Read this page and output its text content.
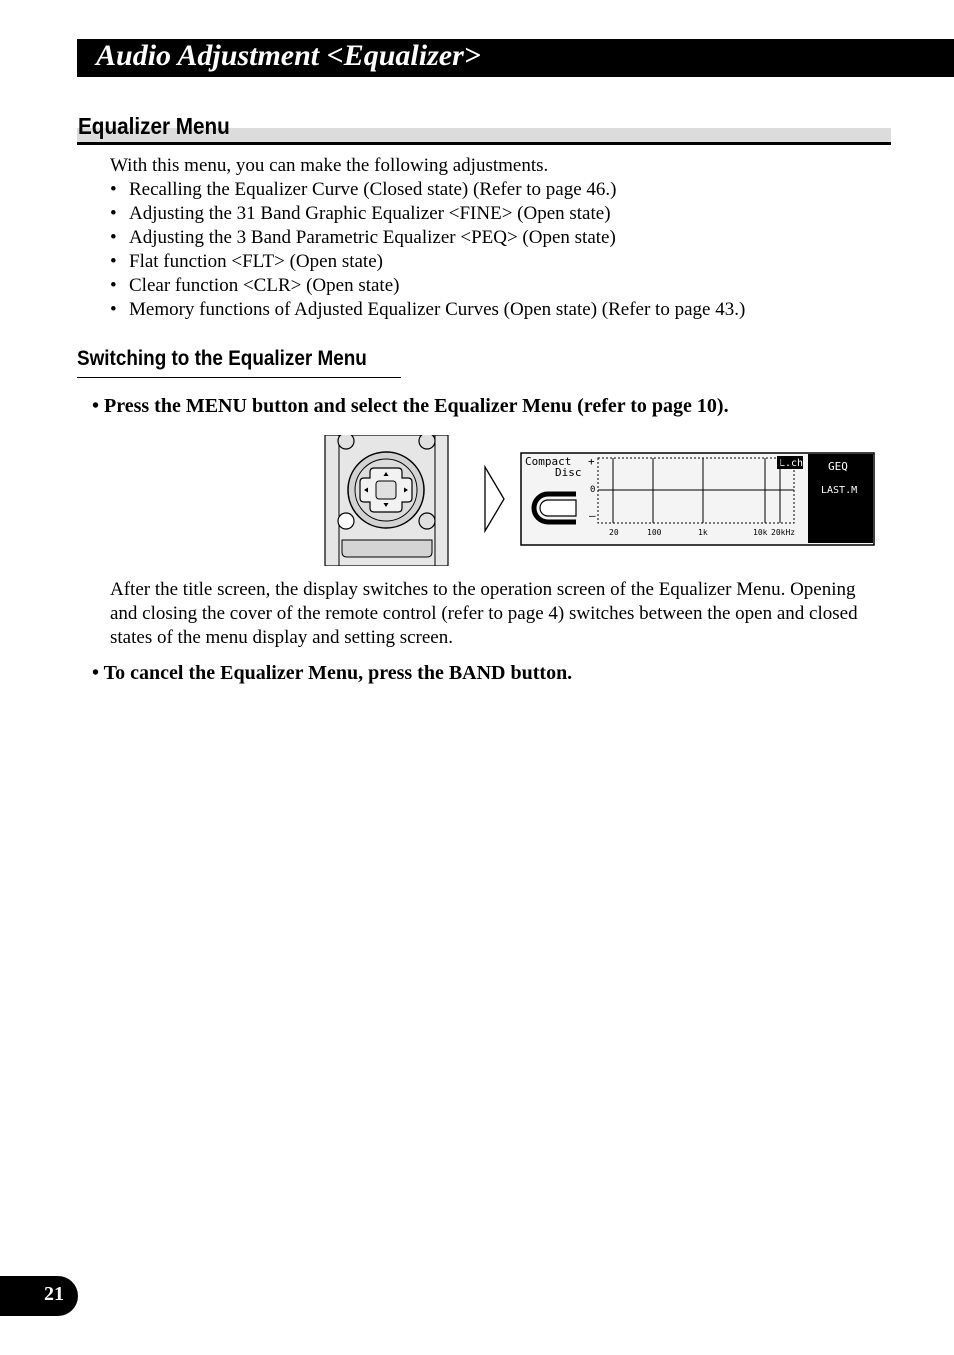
Audio Adjustment <Equalizer>
Equalizer Menu
With this menu, you can make the following adjustments.
• Recalling the Equalizer Curve (Closed state) (Refer to page 46.)
• Adjusting the 31 Band Graphic Equalizer <FINE> (Open state)
• Adjusting the 3 Band Parametric Equalizer <PEQ> (Open state)
• Flat function <FLT> (Open state)
• Clear function <CLR> (Open state)
• Memory functions of Adjusted Equalizer Curves (Open state) (Refer to page 43.)
Switching to the Equalizer Menu
• Press the MENU button and select the Equalizer Menu (refer to page 10).
GEQ
LAST.M
L.ch
Compact
Disc
+
0
–
20	100	1k	10k 20kHz
After the title screen, the display switches to the operation screen of the Equalizer Menu. Opening and closing the cover of the remote control (refer to page 4) switches between the open and closed states of the menu display and setting screen.
• To cancel the Equalizer Menu, press the BAND button.
21
